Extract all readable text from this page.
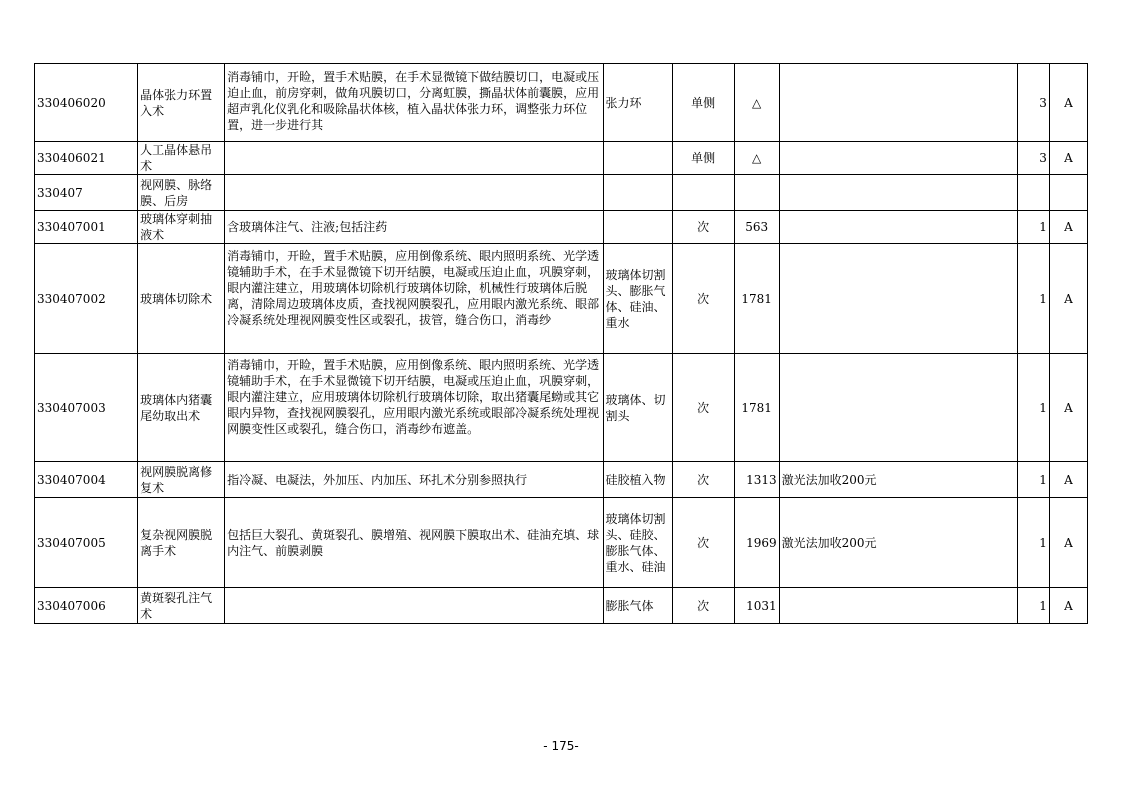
330406020	晶体张力环置入术	消毒铺巾，开睑，置手术贴膜，在手术显微镜下做结膜切口，电凝或压迫止血，前房穿刺，做角巩膜切口，分离虹膜，撕晶状体前囊膜，应用超声乳化仪乳化和吸除晶状体核，植入晶状体张力环，调整张力环位置，进一步进行其	张力环	单侧	△		3	A
330406021	人工晶体悬吊术			单侧	△		3	A
330407	视网膜、脉络膜、后房							
330407001	玻璃体穿刺抽液术	含玻璃体注气、注液;包括注药		次	563		1	A
330407002	玻璃体切除术	消毒铺巾，开睑，置手术贴膜，应用倒像系统、眼内照明系统、光学透镜辅助手术，在手术显微镜下切开结膜，电凝或压迫止血，巩膜穿刺，眼内灌注建立，用玻璃体切除机行玻璃体切除，机械性行玻璃体后脱离，清除周边玻璃体皮质，查找视网膜裂孔，应用眼内激光系统、眼部冷凝系统处理视网膜变性区或裂孔，拔管，缝合伤口，消毒纱	玻璃体切割头、膨胀气体、硅油、重水	次	1781		1	A
330407003	玻璃体内猪囊尾幼取出术	消毒铺巾，开睑，置手术贴膜，应用倒像系统、眼内照明系统、光学透镜辅助手术，在手术显微镜下切开结膜，电凝或压迫止血，巩膜穿刺，眼内灌注建立，应用玻璃体切除机行玻璃体切除，取出猪囊尾蚴或其它眼内异物，查找视网膜裂孔，应用眼内激光系统或眼部冷凝系统处理视网膜变性区或裂孔，缝合伤口，消毒纱布遮盖。	玻璃体、切割头	次	1781		1	A
330407004	视网膜脱离修复术	指冷凝、电凝法，外加压、内加压、环扎术分别参照执行	硅胶植入物	次	1313	激光法加收200元	1	A
330407005	复杂视网膜脱离手术	包括巨大裂孔、黄斑裂孔、膜增殖、视网膜下膜取出术、硅油充填、球内注气、前膜剥膜	玻璃体切割头、硅胶、膨胀气体、重水、硅油	次	1969	激光法加收200元	1	A
330407006	黄斑裂孔注气术		膨胀气体	次	1031		1	A
- 175-
